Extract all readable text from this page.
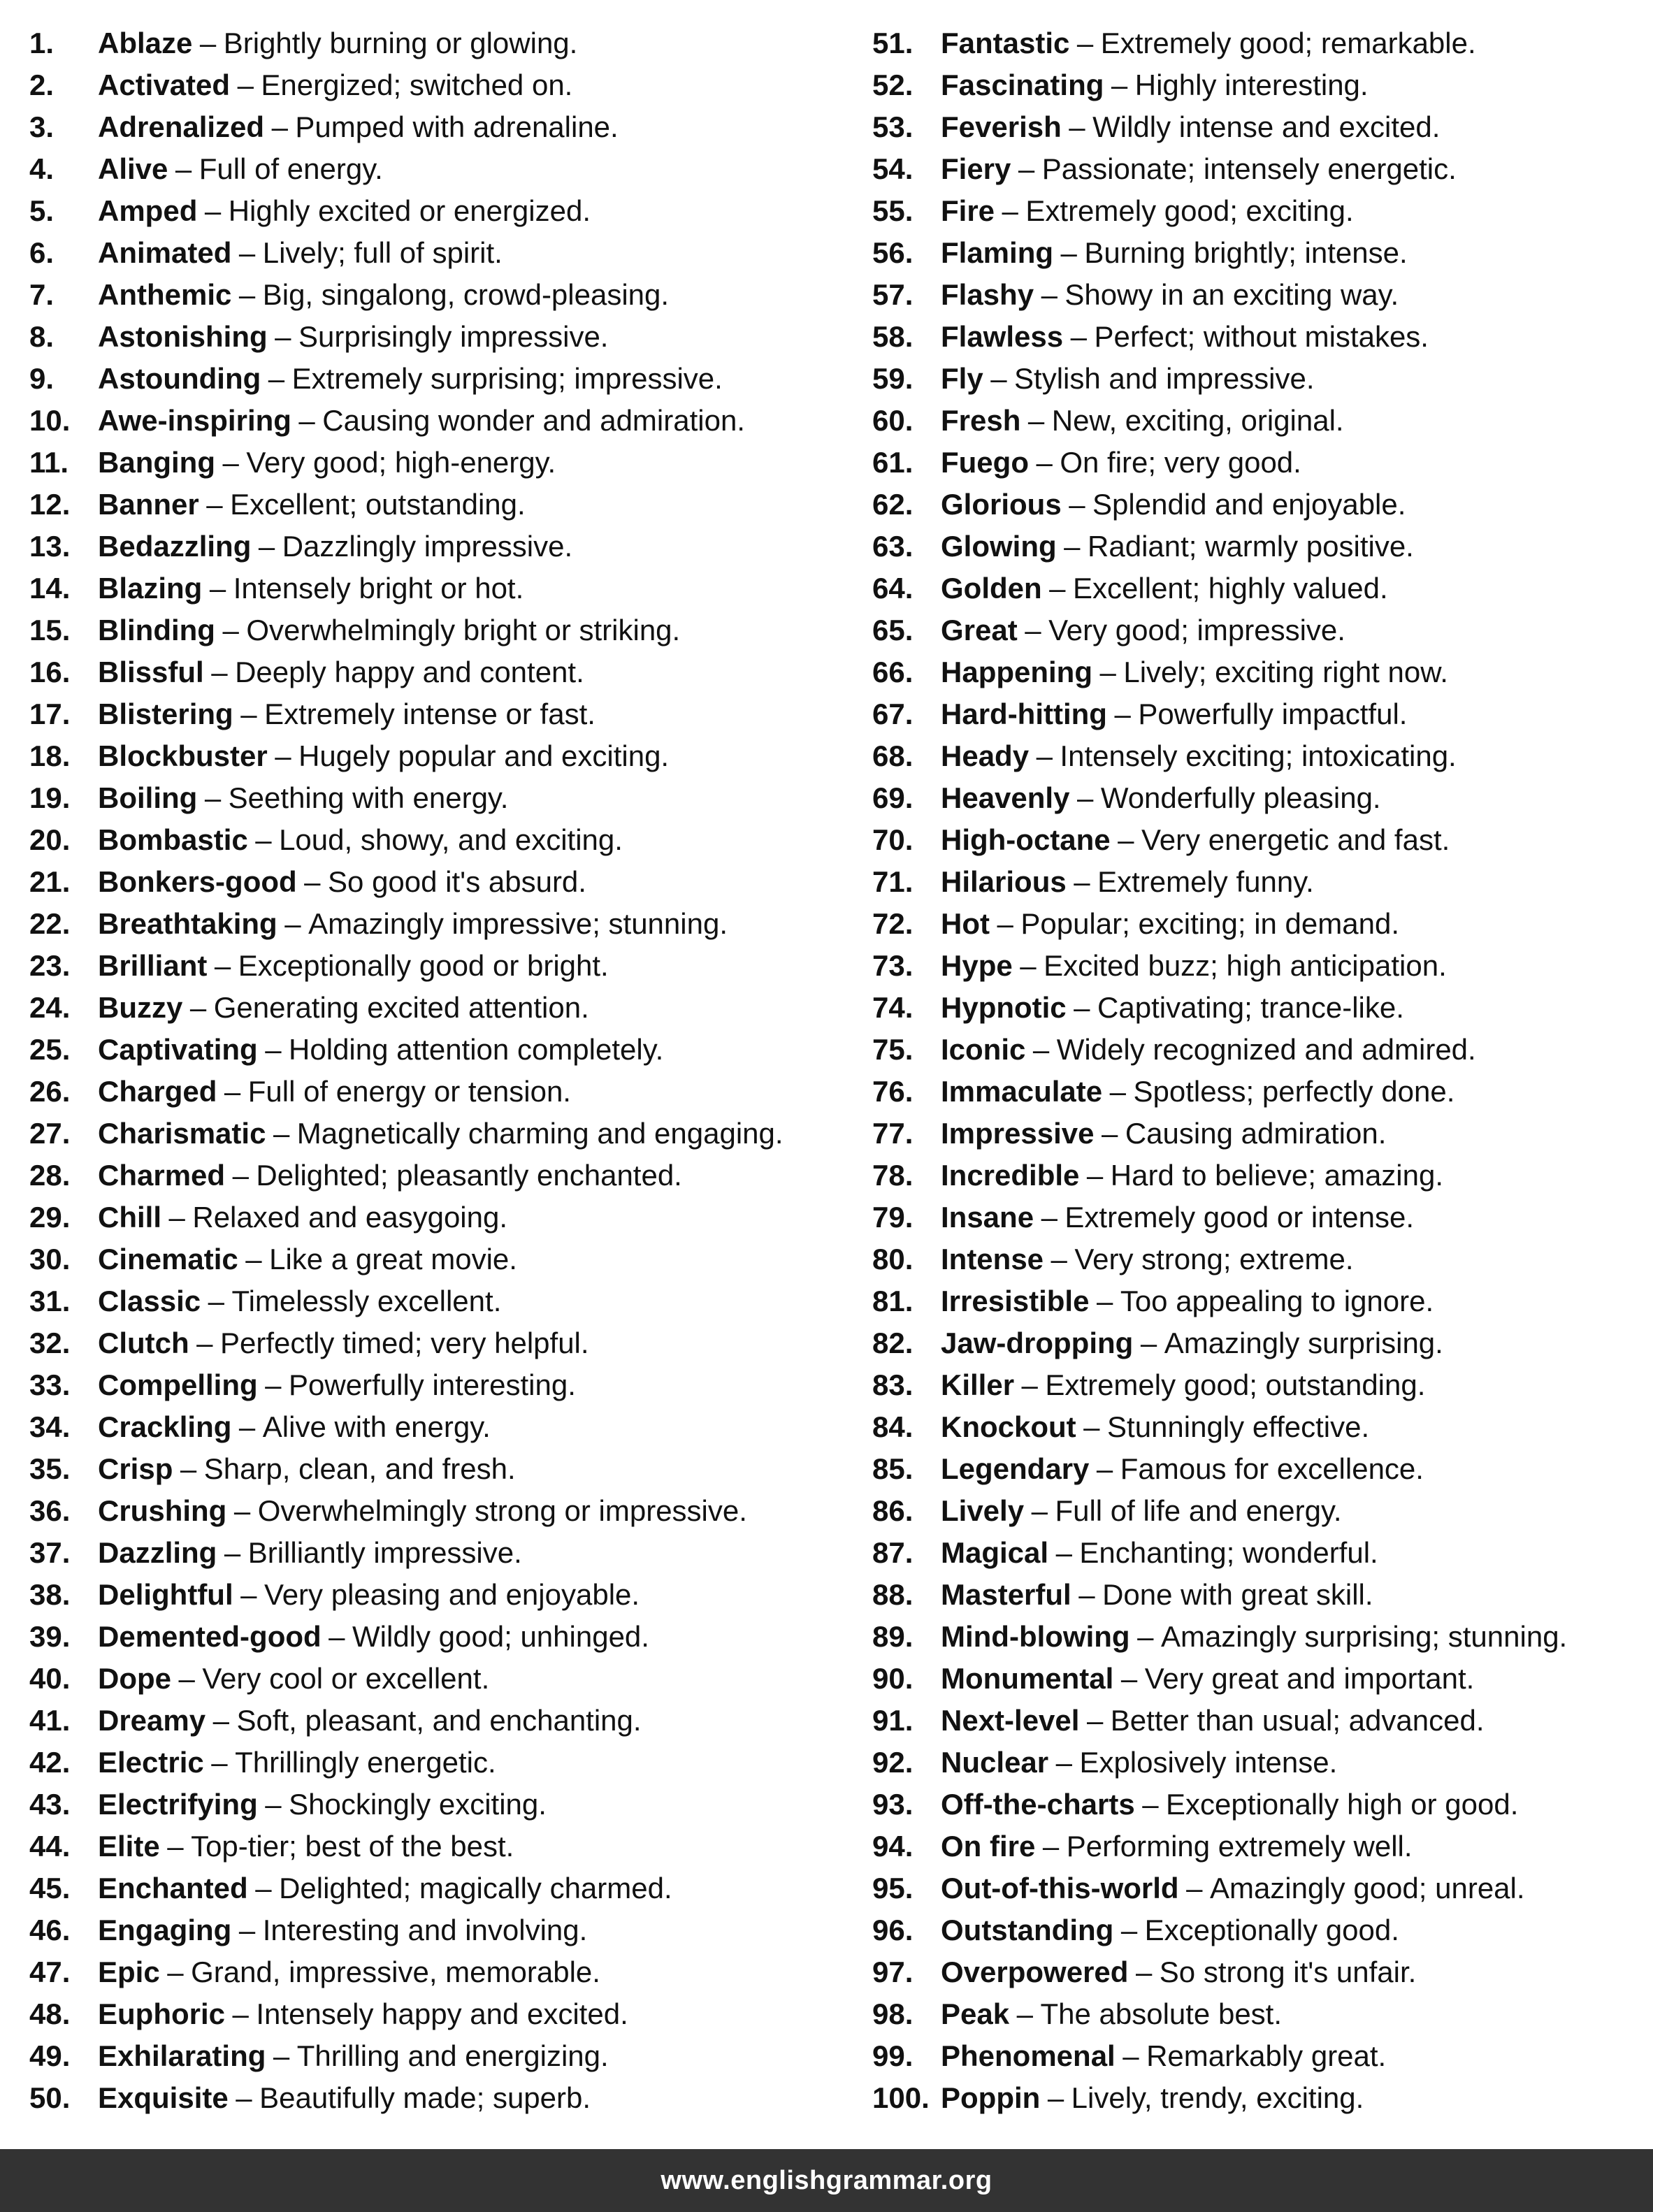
1.	Ablaze – Brightly burning or glowing.
2.	Activated – Energized; switched on.
3.	Adrenalized – Pumped with adrenaline.
4.	Alive – Full of energy.
5.	Amped – Highly excited or energized.
6.	Animated – Lively; full of spirit.
7.	Anthemic – Big, singalong, crowd-pleasing.
8.	Astonishing – Surprisingly impressive.
9.	Astounding – Extremely surprising; impressive.
10. Awe-inspiring – Causing wonder and admiration.
11. Banging – Very good; high-energy.
12. Banner – Excellent; outstanding.
13. Bedazzling – Dazzlingly impressive.
14. Blazing – Intensely bright or hot.
15. Blinding – Overwhelmingly bright or striking.
16. Blissful – Deeply happy and content.
17. Blistering – Extremely intense or fast.
18. Blockbuster – Hugely popular and exciting.
19. Boiling – Seething with energy.
20. Bombastic – Loud, showy, and exciting.
21. Bonkers-good – So good it's absurd.
22. Breathtaking – Amazingly impressive; stunning.
23. Brilliant – Exceptionally good or bright.
24. Buzzy – Generating excited attention.
25. Captivating – Holding attention completely.
26. Charged – Full of energy or tension.
27. Charismatic – Magnetically charming and engaging.
28. Charmed – Delighted; pleasantly enchanted.
29. Chill – Relaxed and easygoing.
30. Cinematic – Like a great movie.
31. Classic – Timelessly excellent.
32. Clutch – Perfectly timed; very helpful.
33. Compelling – Powerfully interesting.
34. Crackling – Alive with energy.
35. Crisp – Sharp, clean, and fresh.
36. Crushing – Overwhelmingly strong or impressive.
37. Dazzling – Brilliantly impressive.
38. Delightful – Very pleasing and enjoyable.
39. Demented-good – Wildly good; unhinged.
40. Dope – Very cool or excellent.
41. Dreamy – Soft, pleasant, and enchanting.
42. Electric – Thrillingly energetic.
43. Electrifying – Shockingly exciting.
44. Elite – Top-tier; best of the best.
45. Enchanted – Delighted; magically charmed.
46. Engaging – Interesting and involving.
47. Epic – Grand, impressive, memorable.
48. Euphoric – Intensely happy and excited.
49. Exhilarating – Thrilling and energizing.
50. Exquisite – Beautifully made; superb.
51. Fantastic – Extremely good; remarkable.
52. Fascinating – Highly interesting.
53. Feverish – Wildly intense and excited.
54. Fiery – Passionate; intensely energetic.
55. Fire – Extremely good; exciting.
56. Flaming – Burning brightly; intense.
57. Flashy – Showy in an exciting way.
58. Flawless – Perfect; without mistakes.
59. Fly – Stylish and impressive.
60. Fresh – New, exciting, original.
61. Fuego – On fire; very good.
62. Glorious – Splendid and enjoyable.
63. Glowing – Radiant; warmly positive.
64. Golden – Excellent; highly valued.
65. Great – Very good; impressive.
66. Happening – Lively; exciting right now.
67. Hard-hitting – Powerfully impactful.
68. Heady – Intensely exciting; intoxicating.
69. Heavenly – Wonderfully pleasing.
70. High-octane – Very energetic and fast.
71. Hilarious – Extremely funny.
72. Hot – Popular; exciting; in demand.
73. Hype – Excited buzz; high anticipation.
74. Hypnotic – Captivating; trance-like.
75. Iconic – Widely recognized and admired.
76. Immaculate – Spotless; perfectly done.
77. Impressive – Causing admiration.
78. Incredible – Hard to believe; amazing.
79. Insane – Extremely good or intense.
80. Intense – Very strong; extreme.
81. Irresistible – Too appealing to ignore.
82. Jaw-dropping – Amazingly surprising.
83. Killer – Extremely good; outstanding.
84. Knockout – Stunningly effective.
85. Legendary – Famous for excellence.
86. Lively – Full of life and energy.
87. Magical – Enchanting; wonderful.
88. Masterful – Done with great skill.
89. Mind-blowing – Amazingly surprising; stunning.
90. Monumental – Very great and important.
91. Next-level – Better than usual; advanced.
92. Nuclear – Explosively intense.
93. Off-the-charts – Exceptionally high or good.
94. On fire – Performing extremely well.
95. Out-of-this-world – Amazingly good; unreal.
96. Outstanding – Exceptionally good.
97. Overpowered – So strong it's unfair.
98. Peak – The absolute best.
99. Phenomenal – Remarkably great.
100. Poppin – Lively, trendy, exciting.
www.englishgrammar.org
